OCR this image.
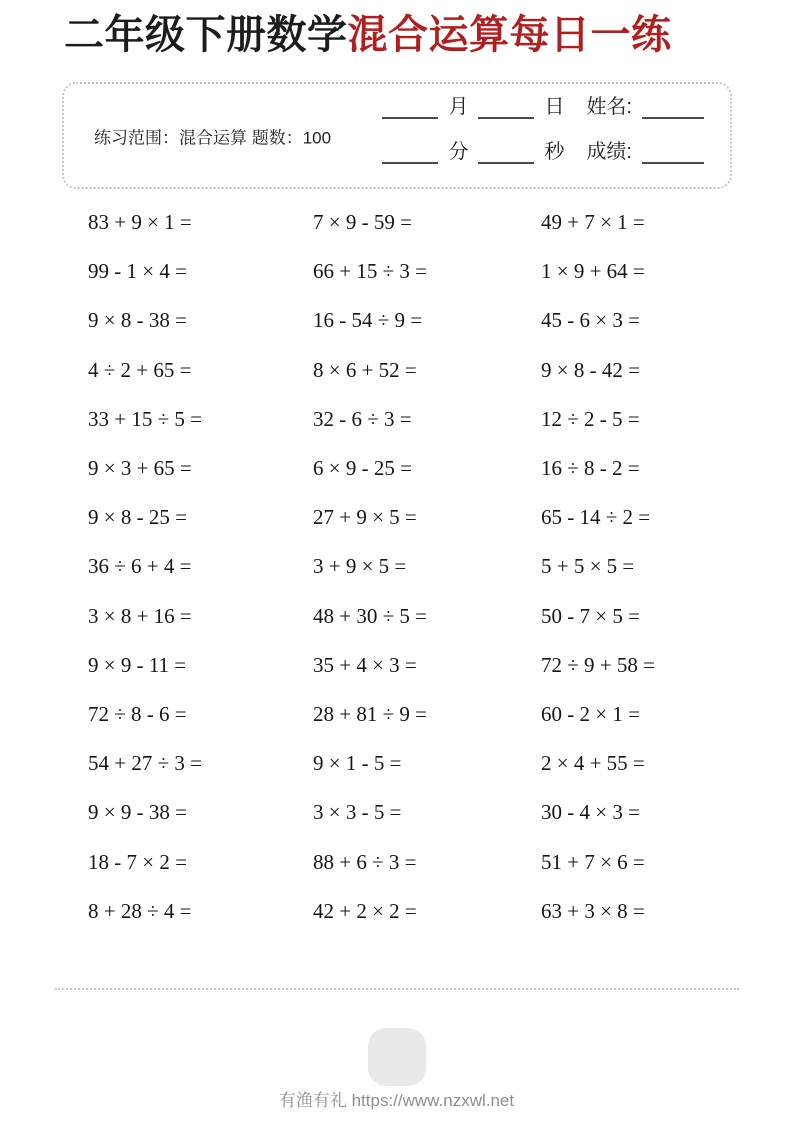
二年级下册数学混合运算每日一练
练习范围：混合运算 题数：100
月	日 姓名:
分	秒 成绩:
83 + 9 × 1 =	7 × 9 - 59 =	49 + 7 × 1 =
99 - 1 × 4 =	66 + 15 ÷ 3 =	1 × 9 + 64 =
9 × 8 - 38 =	16 - 54 ÷ 9 =	45 - 6 × 3 =
4 ÷ 2 + 65 =	8 × 6 + 52 =	9 × 8 - 42 =
33 + 15 ÷ 5 =	32 - 6 ÷ 3 =	12 ÷ 2 - 5 =
9 × 3 + 65 =	6 × 9 - 25 =	16 ÷ 8 - 2 =
9 × 8 - 25 =	27 + 9 × 5 =	65 - 14 ÷ 2 =
36 ÷ 6 + 4 =	3 + 9 × 5 =	5 + 5 × 5 =
3 × 8 + 16 =	48 + 30 ÷ 5 =	50 - 7 × 5 =
9 × 9 - 11 =	35 + 4 × 3 =	72 ÷ 9 + 58 =
72 ÷ 8 - 6 =	28 + 81 ÷ 9 =	60 - 2 × 1 =
54 + 27 ÷ 3 =	9 × 1 - 5 =	2 × 4 + 55 =
9 × 9 - 38 =	3 × 3 - 5 =	30 - 4 × 3 =
18 - 7 × 2 =	88 + 6 ÷ 3 =	51 + 7 × 6 =
8 + 28 ÷ 4 =	42 + 2 × 2 =	63 + 3 × 8 =
有渔有礼 https://www.nzxwl.net
